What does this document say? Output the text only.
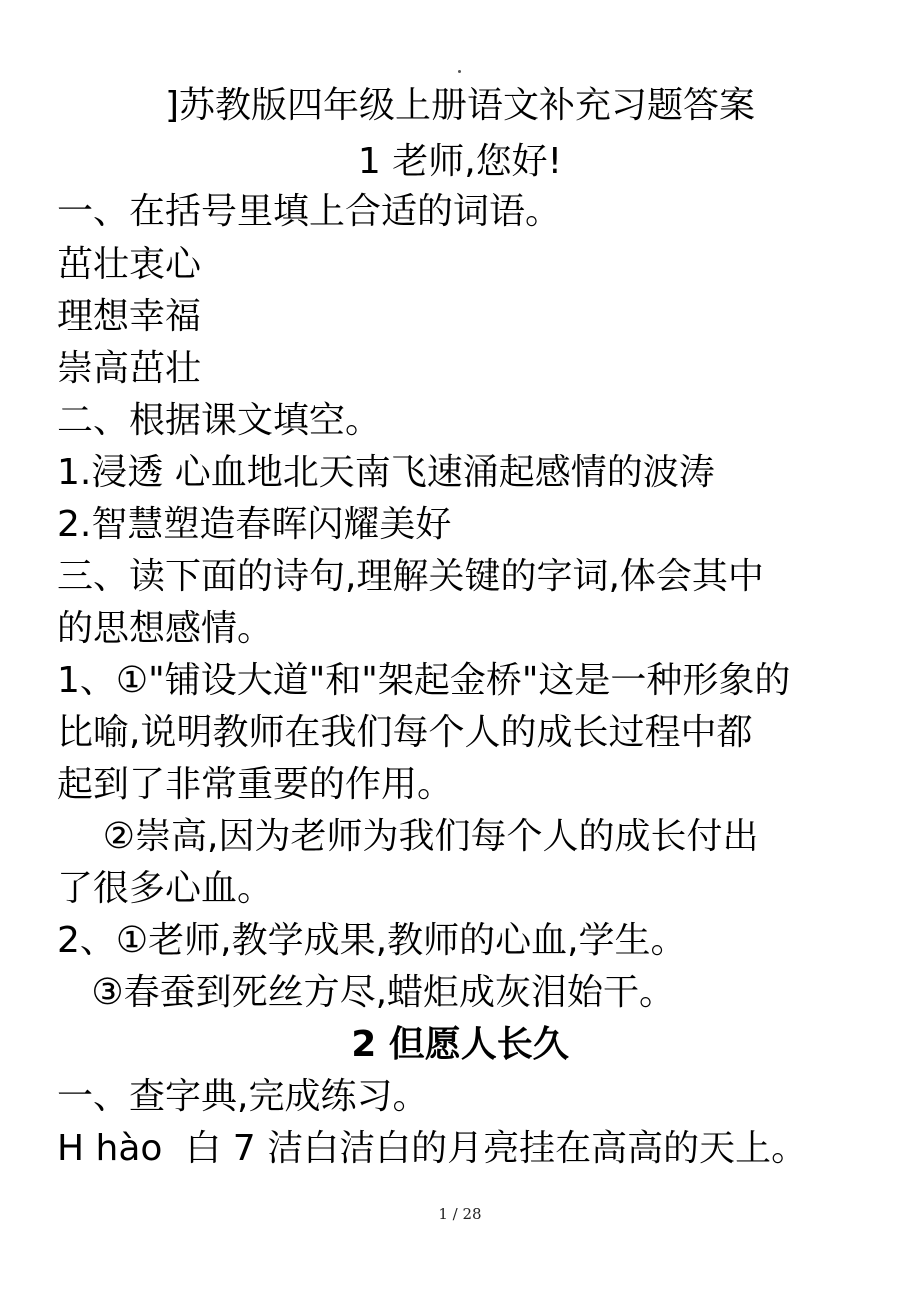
]苏教版四年级上册语文补充习题答案
1 老师,您好!
一、在括号里填上合适的词语。
茁壮衷心
理想幸福
崇高茁壮
二、根据课文填空。
1.浸透 心血地北天南飞速涌起感情的波涛
2.智慧塑造春晖闪耀美好
三、读下面的诗句,理解关键的字词,体会其中
的思想感情。
1、①"铺设大道"和"架起金桥"这是一种形象的
比喻,说明教师在我们每个人的成长过程中都
起到了非常重要的作用。
②崇高,因为老师为我们每个人的成长付出
了很多心血。
2、①老师,教学成果,教师的心血,学生。
③春蚕到死丝方尽,蜡炬成灰泪始干。
2 但愿人长久
一、查字典,完成练习。
H hào  白 7 洁白洁白的月亮挂在高高的天上。
1 / 28
